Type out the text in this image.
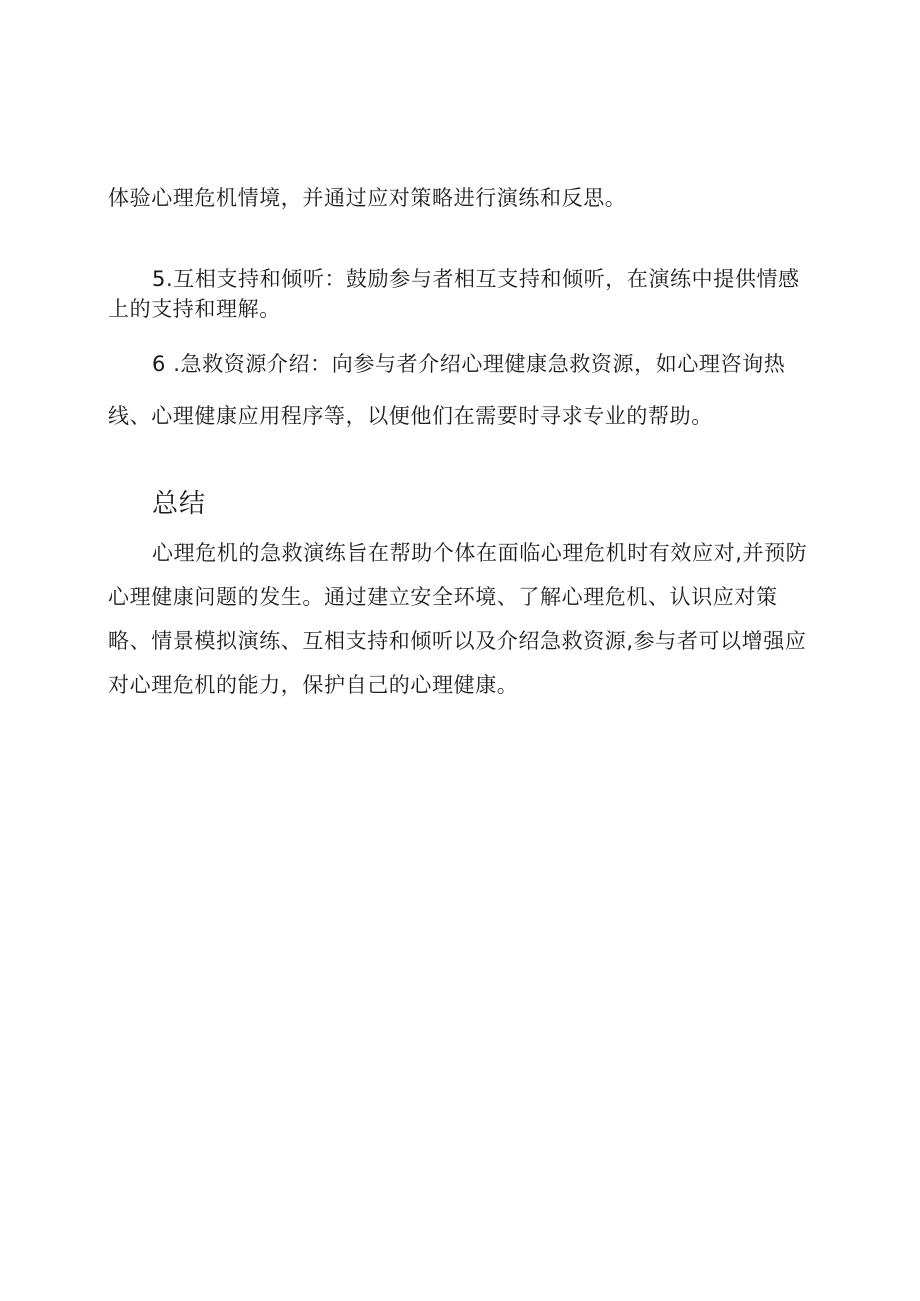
体验心理危机情境，并通过应对策略进行演练和反思。

5.互相支持和倾听：鼓励参与者相互支持和倾听，在演练中提供情感上的支持和理解。

6 .急救资源介绍：向参与者介绍心理健康急救资源，如心理咨询热线、心理健康应用程序等，以便他们在需要时寻求专业的帮助。

总结

心理危机的急救演练旨在帮助个体在面临心理危机时有效应对,并预防心理健康问题的发生。通过建立安全环境、了解心理危机、认识应对策略、情景模拟演练、互相支持和倾听以及介绍急救资源,参与者可以增强应对心理危机的能力，保护自己的心理健康。
